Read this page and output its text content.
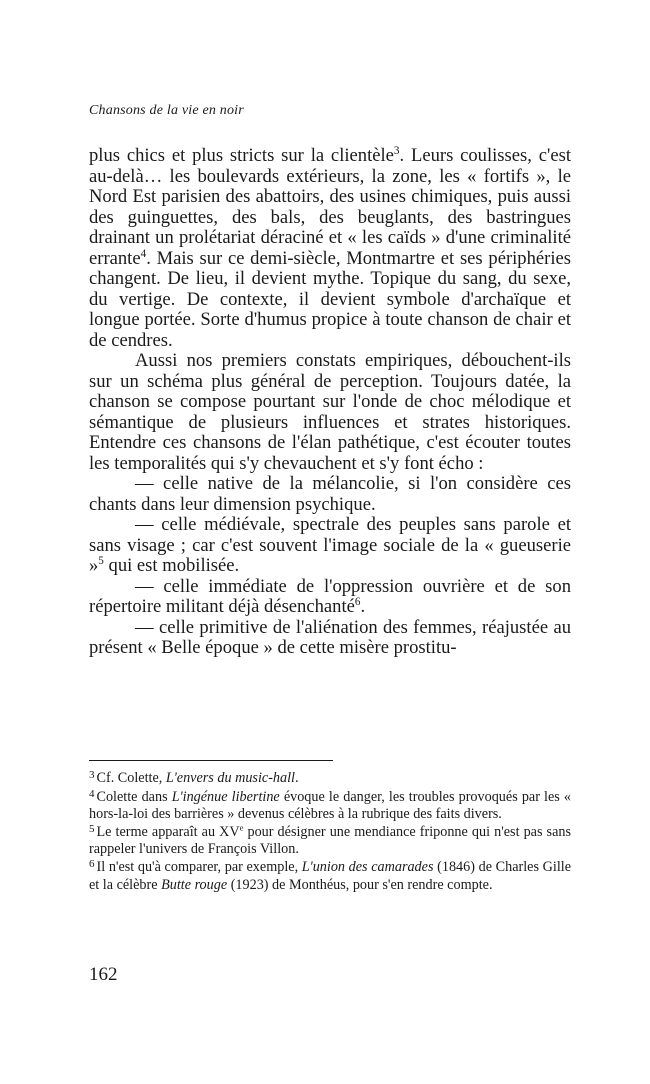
Chansons de la vie en noir

plus chics et plus stricts sur la clientèle$^3$. Leurs coulisses, c'est au-delà… les boulevards extérieurs, la zone, les « fortifs », le Nord Est parisien des abattoirs, des usines chimiques, puis aussi des guinguettes, des bals, des beuglants, des bastringues drainant un prolétariat déraciné et « les caïds » d'une criminalité errante$^4$. Mais sur ce demi-siècle, Montmartre et ses périphéries changent. De lieu, il devient mythe. Topique du sang, du sexe, du vertige. De contexte, il devient symbole d'archaïque et longue portée. Sorte d'humus propice à toute chanson de chair et de cendres.

Aussi nos premiers constats empiriques, débouchent-ils sur un schéma plus général de perception. Toujours datée, la chanson se compose pourtant sur l'onde de choc mélodique et sémantique de plusieurs influences et strates historiques. Entendre ces chansons de l'élan pathétique, c'est écouter toutes les temporalités qui s'y chevauchent et s'y font écho :

— celle native de la mélancolie, si l'on considère ces chants dans leur dimension psychique.

— celle médiévale, spectrale des peuples sans parole et sans visage ; car c'est souvent l'image sociale de la « gueuserie »$^5$ qui est mobilisée.

— celle immédiate de l'oppression ouvrière et de son répertoire militant déjà désenchanté$^6$.

— celle primitive de l'aliénation des femmes, réajustée au présent « Belle époque » de cette misère prostitu-

$^3$ Cf. Colette, L'envers du music-hall.

$^4$ Colette dans L'ingénue libertine évoque le danger, les troubles provoqués par les « hors-la-loi des barrières » devenus célèbres à la rubrique des faits divers.

$^5$ Le terme apparaît au XVe pour désigner une mendiance friponne qui n'est pas sans rappeler l'univers de François Villon.

$^6$ Il n'est qu'à comparer, par exemple, L'union des camarades (1846) de Charles Gille et la célèbre Butte rouge (1923) de Monthéus, pour s'en rendre compte.

162
